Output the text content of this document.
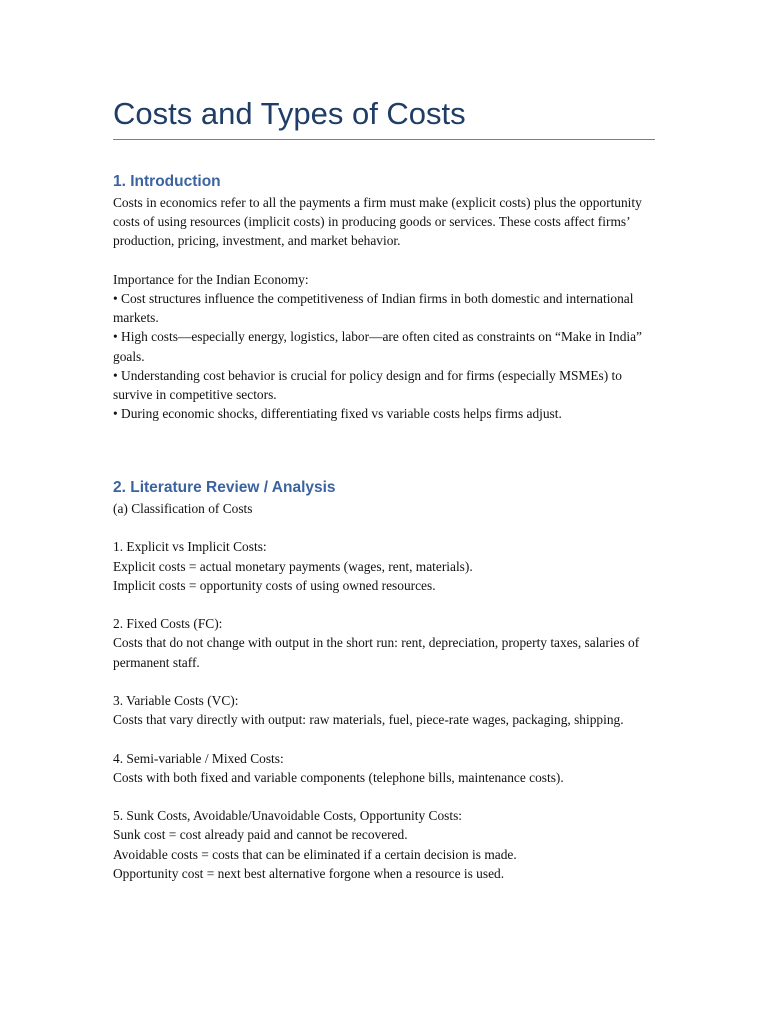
Costs and Types of Costs
1. Introduction

Costs in economics refer to all the payments a firm must make (explicit costs) plus the opportunity costs of using resources (implicit costs) in producing goods or services. These costs affect firms’ production, pricing, investment, and market behavior.

Importance for the Indian Economy:

• Cost structures influence the competitiveness of Indian firms in both domestic and international markets.

• High costs—especially energy, logistics, labor—are often cited as constraints on “Make in India” goals.

• Understanding cost behavior is crucial for policy design and for firms (especially MSMEs) to survive in competitive sectors.

• During economic shocks, differentiating fixed vs variable costs helps firms adjust.

2. Literature Review / Analysis

(a) Classification of Costs

1. Explicit vs Implicit Costs:

Explicit costs = actual monetary payments (wages, rent, materials).

Implicit costs = opportunity costs of using owned resources.

2. Fixed Costs (FC):

Costs that do not change with output in the short run: rent, depreciation, property taxes, salaries of permanent staff.

3. Variable Costs (VC):

Costs that vary directly with output: raw materials, fuel, piece-rate wages, packaging, shipping.

4. Semi-variable / Mixed Costs:

Costs with both fixed and variable components (telephone bills, maintenance costs).

5. Sunk Costs, Avoidable/Unavoidable Costs, Opportunity Costs:

Sunk cost = cost already paid and cannot be recovered.

Avoidable costs = costs that can be eliminated if a certain decision is made.

Opportunity cost = next best alternative forgone when a resource is used.
